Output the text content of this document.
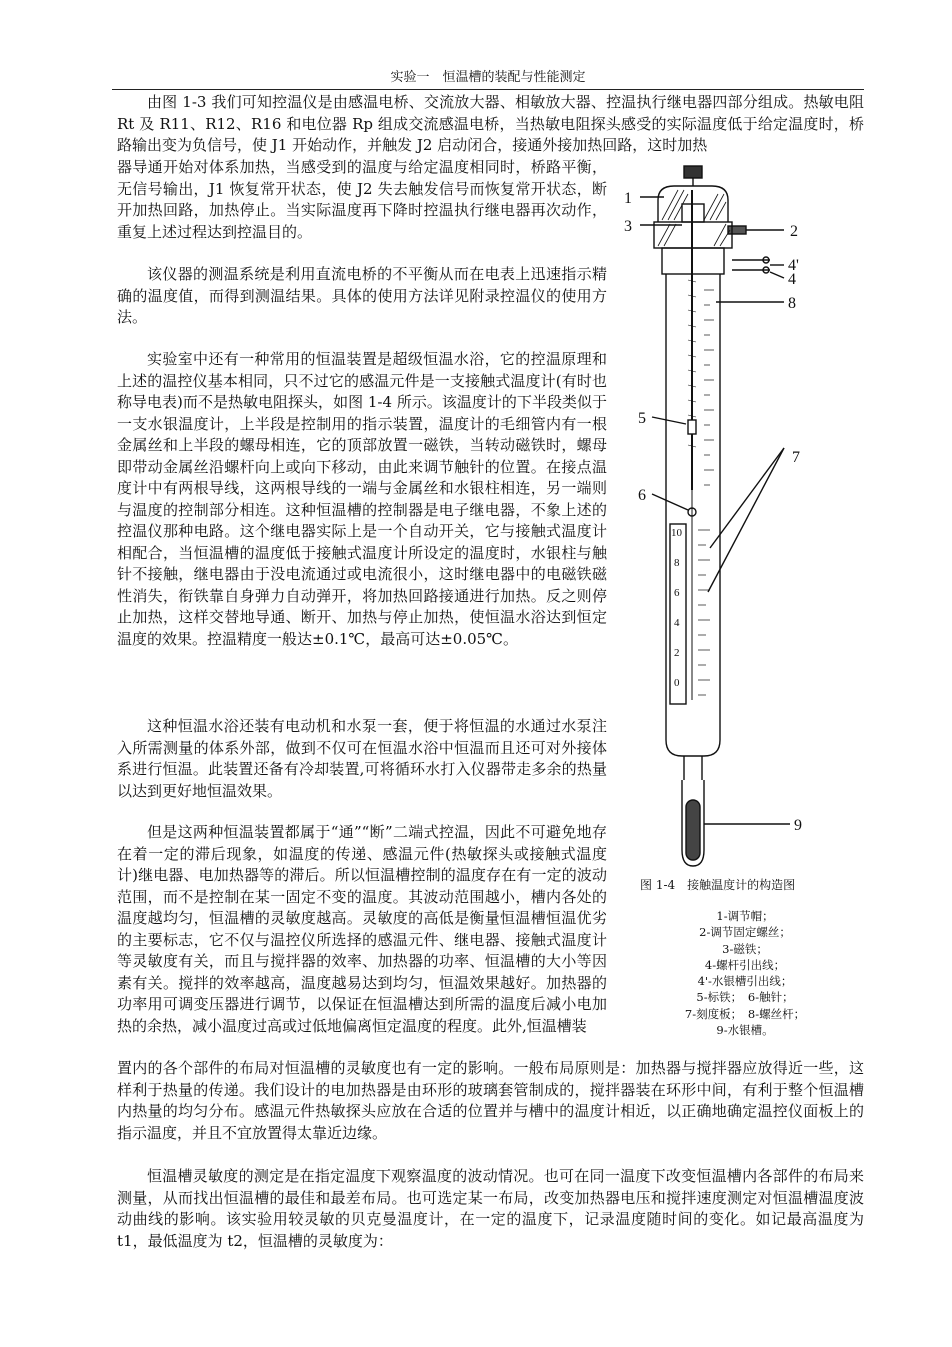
实验一　恒温槽的装配与性能测定

由图 1-3 我们可知控温仪是由感温电桥、交流放大器、相敏放大器、控温执行继电器四部分组成。热敏电阻 Rt 及 R11、R12、R16 和电位器 Rp 组成交流感温电桥，当热敏电阻探头感受的实际温度低于给定温度时，桥路输出变为负信号，使 J1 开始动作，并触发 J2 启动闭合，接通外接加热回路，这时加热

器导通开始对体系加热，当感受到的温度与给定温度相同时，桥路平衡，无信号输出，J1 恢复常开状态，使 J2 失去触发信号而恢复常开状态，断开加热回路，加热停止。当实际温度再下降时控温执行继电器再次动作，重复上述过程达到控温目的。

该仪器的测温系统是利用直流电桥的不平衡从而在电表上迅速指示精确的温度值，而得到测温结果。具体的使用方法详见附录控温仪的使用方法。

实验室中还有一种常用的恒温装置是超级恒温水浴，它的控温原理和上述的温控仪基本相同，只不过它的感温元件是一支接触式温度计(有时也称导电表)而不是热敏电阻探头，如图 1-4 所示。该温度计的下半段类似于一支水银温度计，上半段是控制用的指示装置，温度计的毛细管内有一根金属丝和上半段的螺母相连，它的顶部放置一磁铁，当转动磁铁时，螺母即带动金属丝沿螺杆向上或向下移动，由此来调节触针的位置。在接点温度计中有两根导线，这两根导线的一端与金属丝和水银柱相连，另一端则与温度的控制部分相连。这种恒温槽的控制器是电子继电器，不象上述的控温仪那种电路。这个继电器实际上是一个自动开关，它与接触式温度计相配合，当恒温槽的温度低于接触式温度计所设定的温度时，水银柱与触针不接触，继电器由于没电流通过或电流很小，这时继电器中的电磁铁磁性消失，衔铁靠自身弹力自动弹开，将加热回路接通进行加热。反之则停止加热，这样交替地导通、断开、加热与停止加热，使恒温水浴达到恒定温度的效果。控温精度一般达±0.1℃，最高可达±0.05℃。

这种恒温水浴还装有电动机和水泵一套，便于将恒温的水通过水泵注入所需测量的体系外部，做到不仅可在恒温水浴中恒温而且还可对外接体系进行恒温。此装置还备有冷却装置,可将循环水打入仪器带走多余的热量以达到更好地恒温效果。

但是这两种恒温装置都属于“通”“断”二端式控温，因此不可避免地存在着一定的滞后现象，如温度的传递、感温元件(热敏探头或接触式温度计)继电器、电加热器等的滞后。所以恒温槽控制的温度存在有一定的波动范围，而不是控制在某一固定不变的温度。其波动范围越小，槽内各处的温度越均匀，恒温槽的灵敏度越高。灵敏度的高低是衡量恒温槽恒温优劣的主要标志，它不仅与温控仪所选择的感温元件、继电器、接触式温度计等灵敏度有关，而且与搅拌器的效率、加热器的功率、恒温槽的大小等因素有关。搅拌的效率越高，温度越易达到均匀，恒温效果越好。加热器的功率用可调变压器进行调节，以保证在恒温槽达到所需的温度后减小电加热的余热，减小温度过高或过低地偏离恒定温度的程度。此外,恒温槽装

置内的各个部件的布局对恒温槽的灵敏度也有一定的影响。一般布局原则是：加热器与搅拌器应放得近一些，这样利于热量的传递。我们设计的电加热器是由环形的玻璃套管制成的，搅拌器装在环形中间，有利于整个恒温槽内热量的均匀分布。感温元件热敏探头应放在合适的位置并与槽中的温度计相近，以正确地确定温控仪面板上的指示温度，并且不宜放置得太靠近边缘。

恒温槽灵敏度的测定是在指定温度下观察温度的波动情况。也可在同一温度下改变恒温槽内各部件的布局来测量，从而找出恒温槽的最佳和最差布局。也可选定某一布局，改变加热器电压和搅拌速度测定对恒温槽温度波动曲线的影响。该实验用较灵敏的贝克曼温度计，在一定的温度下，记录温度随时间的变化。如记最高温度为 t1，最低温度为 t2，恒温槽的灵敏度为：

1
2
3
4'
4
8
5
7
6
9
10
8
6
4
2
0
图 1-4　接触温度计的构造图
1-调节帽；
2-调节固定螺丝；
3-磁铁；
4-螺杆引出线；
4'-水银槽引出线；
5-标铁；　6-触针；
7-刻度板；　8-螺丝杆；
9-水银槽。
